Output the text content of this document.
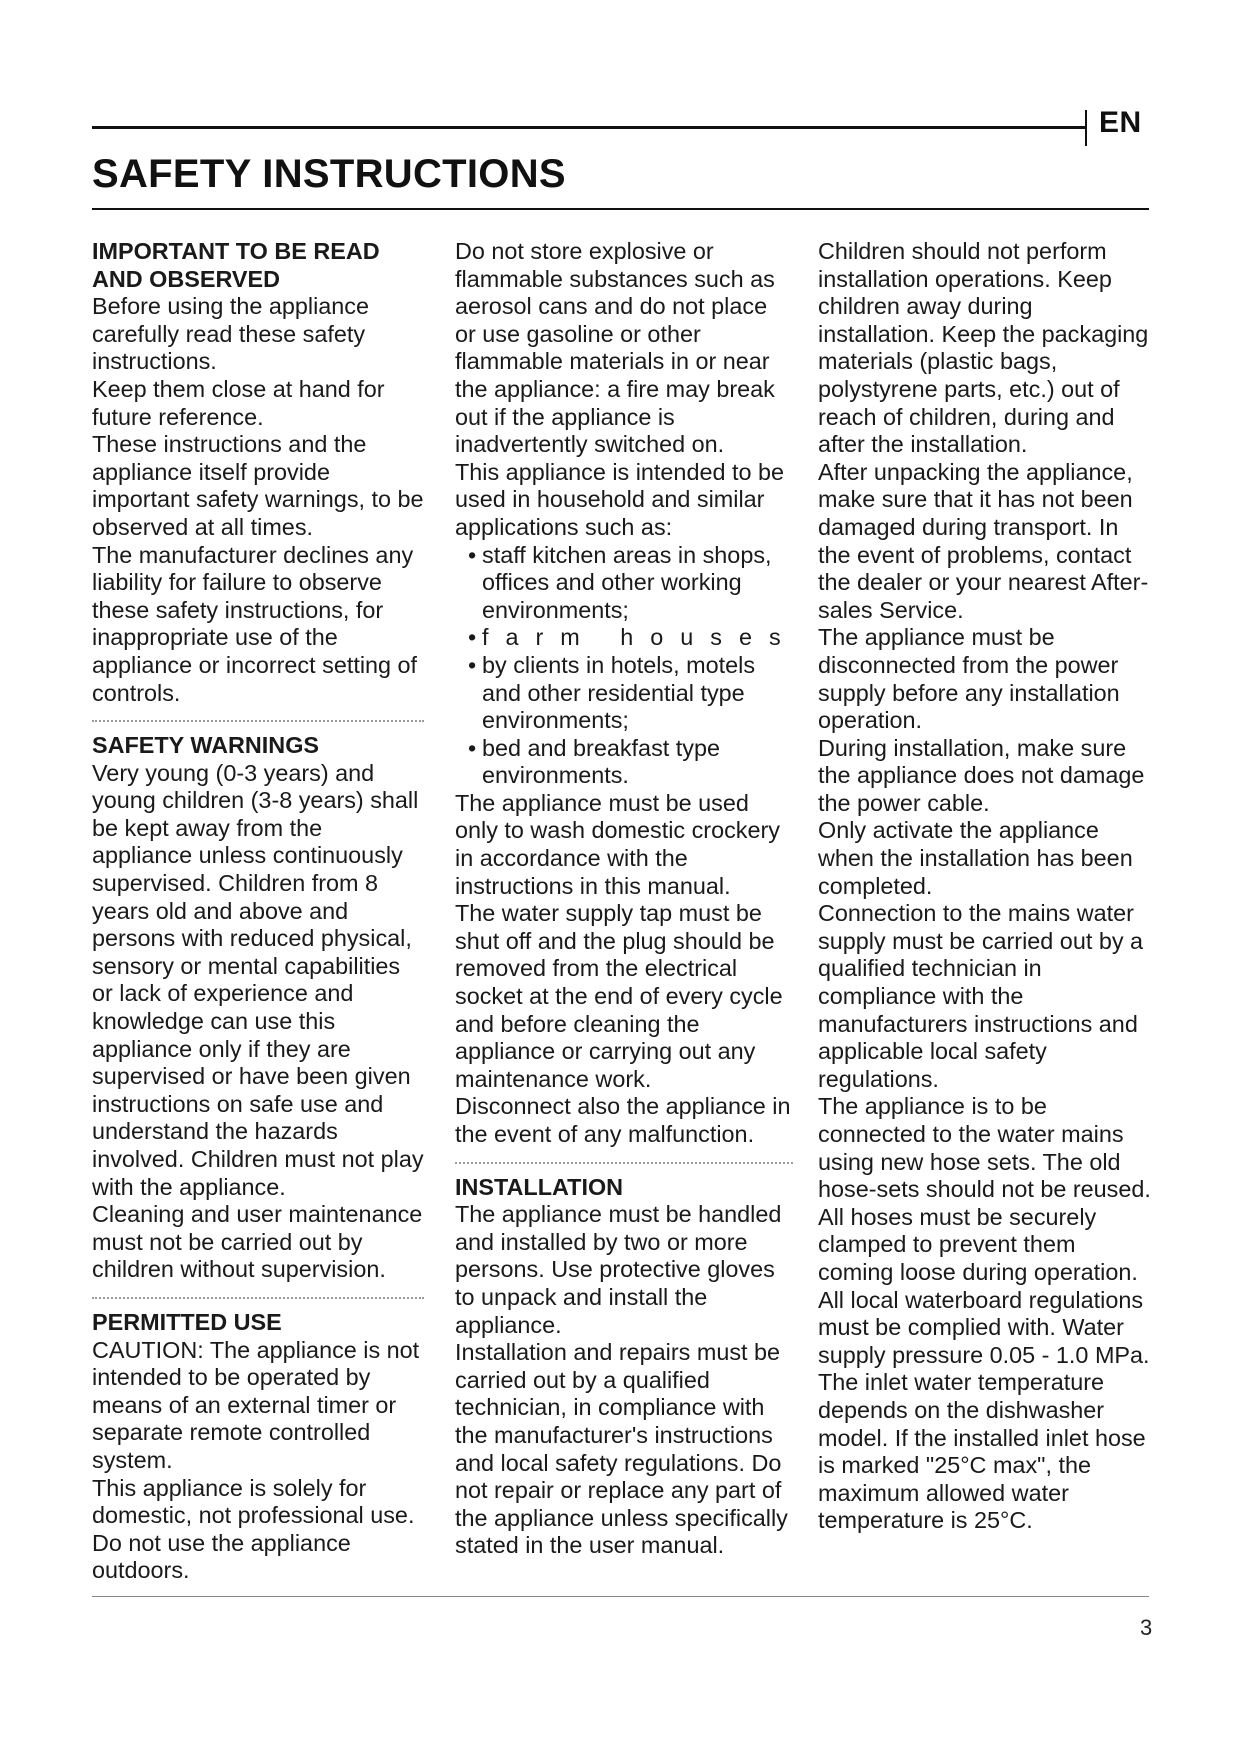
EN
SAFETY INSTRUCTIONS
IMPORTANT TO BE READ AND OBSERVED

Before using the appliance carefully read these safety instructions.

Keep them close at hand for future reference.

These instructions and the appliance itself provide important safety warnings, to be observed at all times.

The manufacturer declines any liability for failure to observe these safety instructions, for inappropriate use of the appliance or incorrect setting of controls.

SAFETY WARNINGS

Very young (0-3 years) and young children (3-8 years) shall be kept away from the appliance unless continuously supervised. Children from 8 years old and above and persons with reduced physical, sensory or mental capabilities or lack of experience and knowledge can use this appliance only if they are supervised or have been given instructions on safe use and understand the hazards involved. Children must not play with the appliance.

Cleaning and user maintenance must not be carried out by children without supervision.

PERMITTED USE

CAUTION: The appliance is not intended to be operated by means of an external timer or separate remote controlled system.

This appliance is solely for domestic, not professional use. Do not use the appliance outdoors.

Do not store explosive or flammable substances such as aerosol cans and do not place or use gasoline or other flammable materials in or near the appliance: a fire may break out if the appliance is inadvertently switched on.

This appliance is intended to be used in household and similar applications such as:

• staff kitchen areas in shops, offices and other working environments;
• farm houses
• by clients in hotels, motels and other residential type environments;
• bed and breakfast type environments.

The appliance must be used only to wash domestic crockery in accordance with the instructions in this manual.

The water supply tap must be shut off and the plug should be removed from the electrical socket at the end of every cycle and before cleaning the appliance or carrying out any maintenance work.

Disconnect also the appliance in the event of any malfunction.

INSTALLATION

The appliance must be handled and installed by two or more persons. Use protective gloves to unpack and install the appliance.

Installation and repairs must be carried out by a qualified technician, in compliance with the manufacturer's instructions and local safety regulations. Do not repair or replace any part of the appliance unless specifically stated in the user manual.

Children should not perform installation operations. Keep children away during installation. Keep the packaging materials (plastic bags, polystyrene parts, etc.) out of reach of children, during and after the installation.

After unpacking the appliance, make sure that it has not been damaged during transport. In the event of problems, contact the dealer or your nearest After-sales Service.

The appliance must be disconnected from the power supply before any installation operation.

During installation, make sure the appliance does not damage the power cable.

Only activate the appliance when the installation has been completed.

Connection to the mains water supply must be carried out by a qualified technician in compliance with the manufacturers instructions and applicable local safety regulations.

The appliance is to be connected to the water mains using new hose sets. The old hose-sets should not be reused.

All hoses must be securely clamped to prevent them coming loose during operation.

All local waterboard regulations must be complied with. Water supply pressure 0.05 - 1.0 MPa.

The inlet water temperature depends on the dishwasher model. If the installed inlet hose is marked "25°C max", the maximum allowed water temperature is 25°C.

3
